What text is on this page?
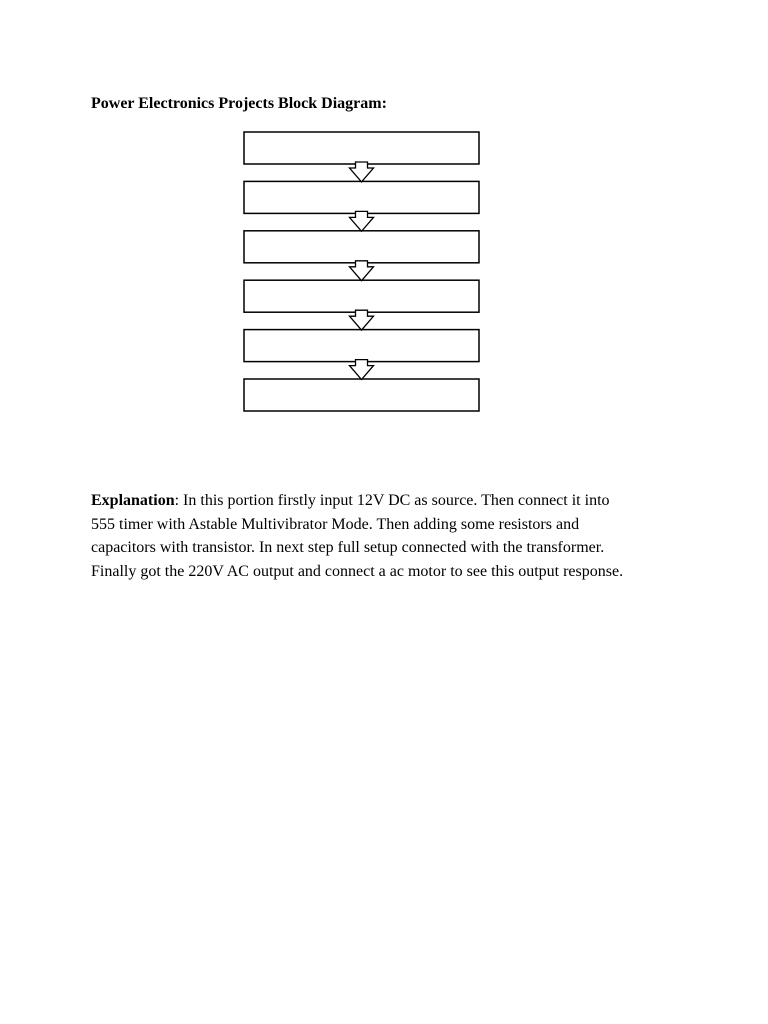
Power Electronics Projects Block Diagram:
Explanation: In this portion firstly input 12V DC as source. Then connect it into
555 timer with Astable Multivibrator Mode. Then adding some resistors and
capacitors with transistor. In next step full setup connected with the transformer.
Finally got the 220V AC output and connect a ac motor to see this output response.
